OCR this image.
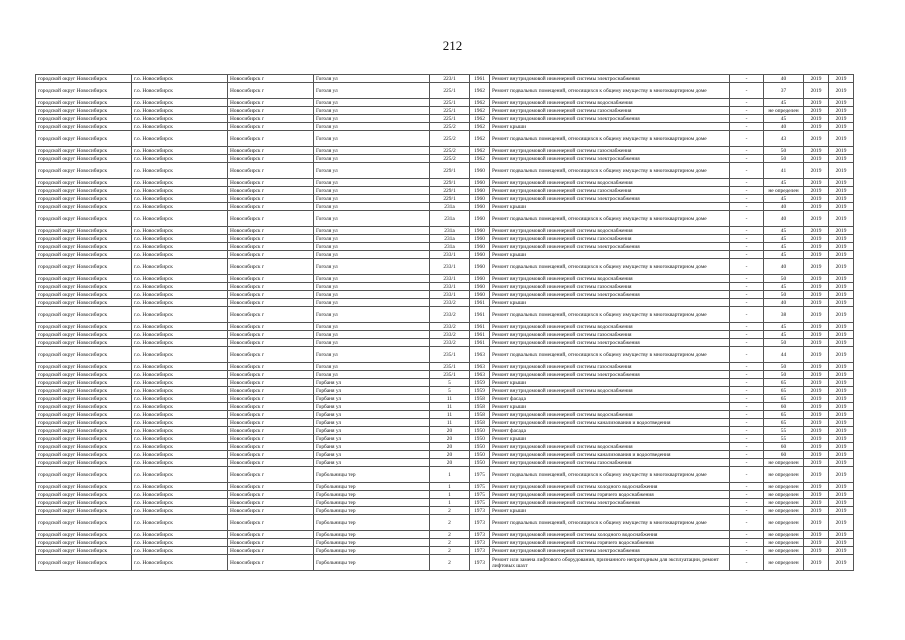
212
городской округ Новосибирск	г.о. Новосибирск	Новосибирск г	Гоголя ул	223/1	1961	Ремонт внутридомовой инженерной системы электроснабжения	-	40	2019	2019
городской округ Новосибирск	г.о. Новосибирск	Новосибирск г	Гоголя ул	225/1	1962	Ремонт подвальных помещений, относящихся к общему имуществу в многоквартирном доме	-	37	2019	2019
городской округ Новосибирск	г.о. Новосибирск	Новосибирск г	Гоголя ул	225/1	1962	Ремонт внутридомовой инженерной системы водоснабжения	-	45	2019	2019
городской округ Новосибирск	г.о. Новосибирск	Новосибирск г	Гоголя ул	225/1	1962	Ремонт внутридомовой инженерной системы газоснабжения	-	не определен	2019	2019
городской округ Новосибирск	г.о. Новосибирск	Новосибирск г	Гоголя ул	225/1	1962	Ремонт внутридомовой инженерной системы электроснабжения	-	45	2019	2019
городской округ Новосибирск	г.о. Новосибирск	Новосибирск г	Гоголя ул	225/2	1962	Ремонт крыши	-	40	2019	2019
городской округ Новосибирск	г.о. Новосибирск	Новосибирск г	Гоголя ул	225/2	1962	Ремонт подвальных помещений, относящихся к общему имуществу в многоквартирном доме	-	43	2019	2019
городской округ Новосибирск	г.о. Новосибирск	Новосибирск г	Гоголя ул	225/2	1962	Ремонт внутридомовой инженерной системы газоснабжения	-	50	2019	2019
городской округ Новосибирск	г.о. Новосибирск	Новосибирск г	Гоголя ул	225/2	1962	Ремонт внутридомовой инженерной системы электроснабжения	-	50	2019	2019
городской округ Новосибирск	г.о. Новосибирск	Новосибирск г	Гоголя ул	229/1	1960	Ремонт подвальных помещений, относящихся к общему имуществу в многоквартирном доме	-	41	2019	2019
городской округ Новосибирск	г.о. Новосибирск	Новосибирск г	Гоголя ул	229/1	1960	Ремонт внутридомовой инженерной системы водоснабжения	-	45	2019	2019
городской округ Новосибирск	г.о. Новосибирск	Новосибирск г	Гоголя ул	229/1	1960	Ремонт внутридомовой инженерной системы газоснабжения	-	не определен	2019	2019
городской округ Новосибирск	г.о. Новосибирск	Новосибирск г	Гоголя ул	229/1	1960	Ремонт внутридомовой инженерной системы электроснабжения	-	45	2019	2019
городской округ Новосибирск	г.о. Новосибирск	Новосибирск г	Гоголя ул	231а	1960	Ремонт крыши	-	40	2019	2019
городской округ Новосибирск	г.о. Новосибирск	Новосибирск г	Гоголя ул	231а	1960	Ремонт подвальных помещений, относящихся к общему имуществу в многоквартирном доме	-	40	2019	2019
городской округ Новосибирск	г.о. Новосибирск	Новосибирск г	Гоголя ул	231а	1960	Ремонт внутридомовой инженерной системы водоснабжения	-	45	2019	2019
городской округ Новосибирск	г.о. Новосибирск	Новосибирск г	Гоголя ул	231а	1960	Ремонт внутридомовой инженерной системы газоснабжения	-	45	2019	2019
городской округ Новосибирск	г.о. Новосибирск	Новосибирск г	Гоголя ул	231а	1960	Ремонт внутридомовой инженерной системы электроснабжения	-	45	2019	2019
городской округ Новосибирск	г.о. Новосибирск	Новосибирск г	Гоголя ул	233/1	1960	Ремонт крыши	-	45	2019	2019
городской округ Новосибирск	г.о. Новосибирск	Новосибирск г	Гоголя ул	233/1	1960	Ремонт подвальных помещений, относящихся к общему имуществу в многоквартирном доме	-	40	2019	2019
городской округ Новосибирск	г.о. Новосибирск	Новосибирск г	Гоголя ул	233/1	1960	Ремонт внутридомовой инженерной системы водоснабжения	-	50	2019	2019
городской округ Новосибирск	г.о. Новосибирск	Новосибирск г	Гоголя ул	233/1	1960	Ремонт внутридомовой инженерной системы газоснабжения	-	45	2019	2019
городской округ Новосибирск	г.о. Новосибирск	Новосибирск г	Гоголя ул	233/1	1960	Ремонт внутридомовой инженерной системы электроснабжения	-	50	2019	2019
городской округ Новосибирск	г.о. Новосибирск	Новосибирск г	Гоголя ул	233/2	1961	Ремонт крыши	-	40	2019	2019
городской округ Новосибирск	г.о. Новосибирск	Новосибирск г	Гоголя ул	233/2	1961	Ремонт подвальных помещений, относящихся к общему имуществу в многоквартирном доме	-	38	2019	2019
городской округ Новосибирск	г.о. Новосибирск	Новосибирск г	Гоголя ул	233/2	1961	Ремонт внутридомовой инженерной системы водоснабжения	-	45	2019	2019
городской округ Новосибирск	г.о. Новосибирск	Новосибирск г	Гоголя ул	233/2	1961	Ремонт внутридомовой инженерной системы газоснабжения	-	45	2019	2019
городской округ Новосибирск	г.о. Новосибирск	Новосибирск г	Гоголя ул	233/2	1961	Ремонт внутридомовой инженерной системы электроснабжения	-	50	2019	2019
городской округ Новосибирск	г.о. Новосибирск	Новосибирск г	Гоголя ул	235/1	1963	Ремонт подвальных помещений, относящихся к общему имуществу в многоквартирном доме	-	44	2019	2019
городской округ Новосибирск	г.о. Новосибирск	Новосибирск г	Гоголя ул	235/1	1963	Ремонт внутридомовой инженерной системы газоснабжения	-	50	2019	2019
городской округ Новосибирск	г.о. Новосибирск	Новосибирск г	Гоголя ул	235/1	1963	Ремонт внутридомовой инженерной системы электроснабжения	-	50	2019	2019
городской округ Новосибирск	г.о. Новосибирск	Новосибирск г	Горбаня ул	5	1959	Ремонт крыши	-	65	2019	2019
городской округ Новосибирск	г.о. Новосибирск	Новосибирск г	Горбаня ул	5	1959	Ремонт внутридомовой инженерной системы водоснабжения	-	65	2019	2019
городской округ Новосибирск	г.о. Новосибирск	Новосибирск г	Горбаня ул	11	1958	Ремонт фасада	-	65	2019	2019
городской округ Новосибирск	г.о. Новосибирск	Новосибирск г	Горбаня ул	11	1958	Ремонт крыши	-	60	2019	2019
городской округ Новосибирск	г.о. Новосибирск	Новосибирск г	Горбаня ул	11	1958	Ремонт внутридомовой инженерной системы водоснабжения	-	65	2019	2019
городской округ Новосибирск	г.о. Новосибирск	Новосибирск г	Горбаня ул	11	1958	Ремонт внутридомовой инженерной системы канализования и водоотведения	-	65	2019	2019
городской округ Новосибирск	г.о. Новосибирск	Новосибирск г	Горбаня ул	20	1950	Ремонт фасада	-	55	2019	2019
городской округ Новосибирск	г.о. Новосибирск	Новосибирск г	Горбаня ул	20	1950	Ремонт крыши	-	55	2019	2019
городской округ Новосибирск	г.о. Новосибирск	Новосибирск г	Горбаня ул	20	1950	Ремонт внутридомовой инженерной системы водоснабжения	-	60	2019	2019
городской округ Новосибирск	г.о. Новосибирск	Новосибирск г	Горбаня ул	20	1950	Ремонт внутридомовой инженерной системы канализования и водоотведения	-	60	2019	2019
городской округ Новосибирск	г.о. Новосибирск	Новосибирск г	Горбаня ул	20	1950	Ремонт внутридомовой инженерной системы газоснабжения	-	не определен	2019	2019
городской округ Новосибирск	г.о. Новосибирск	Новосибирск г	Горбольницы тер	1	1975	Ремонт подвальных помещений, относящихся к общему имуществу в многоквартирном доме	-	не определен	2019	2019
городской округ Новосибирск	г.о. Новосибирск	Новосибирск г	Горбольницы тер	1	1975	Ремонт внутридомовой инженерной системы холодного водоснабжения	-	не определен	2019	2019
городской округ Новосибирск	г.о. Новосибирск	Новосибирск г	Горбольницы тер	1	1975	Ремонт внутридомовой инженерной системы горячего водоснабжения	-	не определен	2019	2019
городской округ Новосибирск	г.о. Новосибирск	Новосибирск г	Горбольницы тер	1	1975	Ремонт внутридомовой инженерной системы электроснабжения	-	не определен	2019	2019
городской округ Новосибирск	г.о. Новосибирск	Новосибирск г	Горбольницы тер	2	1973	Ремонт крыши	-	не определен	2019	2019
городской округ Новосибирск	г.о. Новосибирск	Новосибирск г	Горбольницы тер	2	1973	Ремонт подвальных помещений, относящихся к общему имуществу в многоквартирном доме	-	не определен	2019	2019
городской округ Новосибирск	г.о. Новосибирск	Новосибирск г	Горбольницы тер	2	1973	Ремонт внутридомовой инженерной системы холодного водоснабжения	-	не определен	2019	2019
городской округ Новосибирск	г.о. Новосибирск	Новосибирск г	Горбольницы тер	2	1973	Ремонт внутридомовой инженерной системы горячего водоснабжения	-	не определен	2019	2019
городской округ Новосибирск	г.о. Новосибирск	Новосибирск г	Горбольницы тер	2	1973	Ремонт внутридомовой инженерной системы электроснабжения	-	не определен	2019	2019
городской округ Новосибирск	г.о. Новосибирск	Новосибирск г	Горбольницы тер	2	1973	Ремонт или замена лифтового оборудования, признанного непригодным для эксплуатации, ремонт лифтовых шахт	-	не определен	2019	2019
